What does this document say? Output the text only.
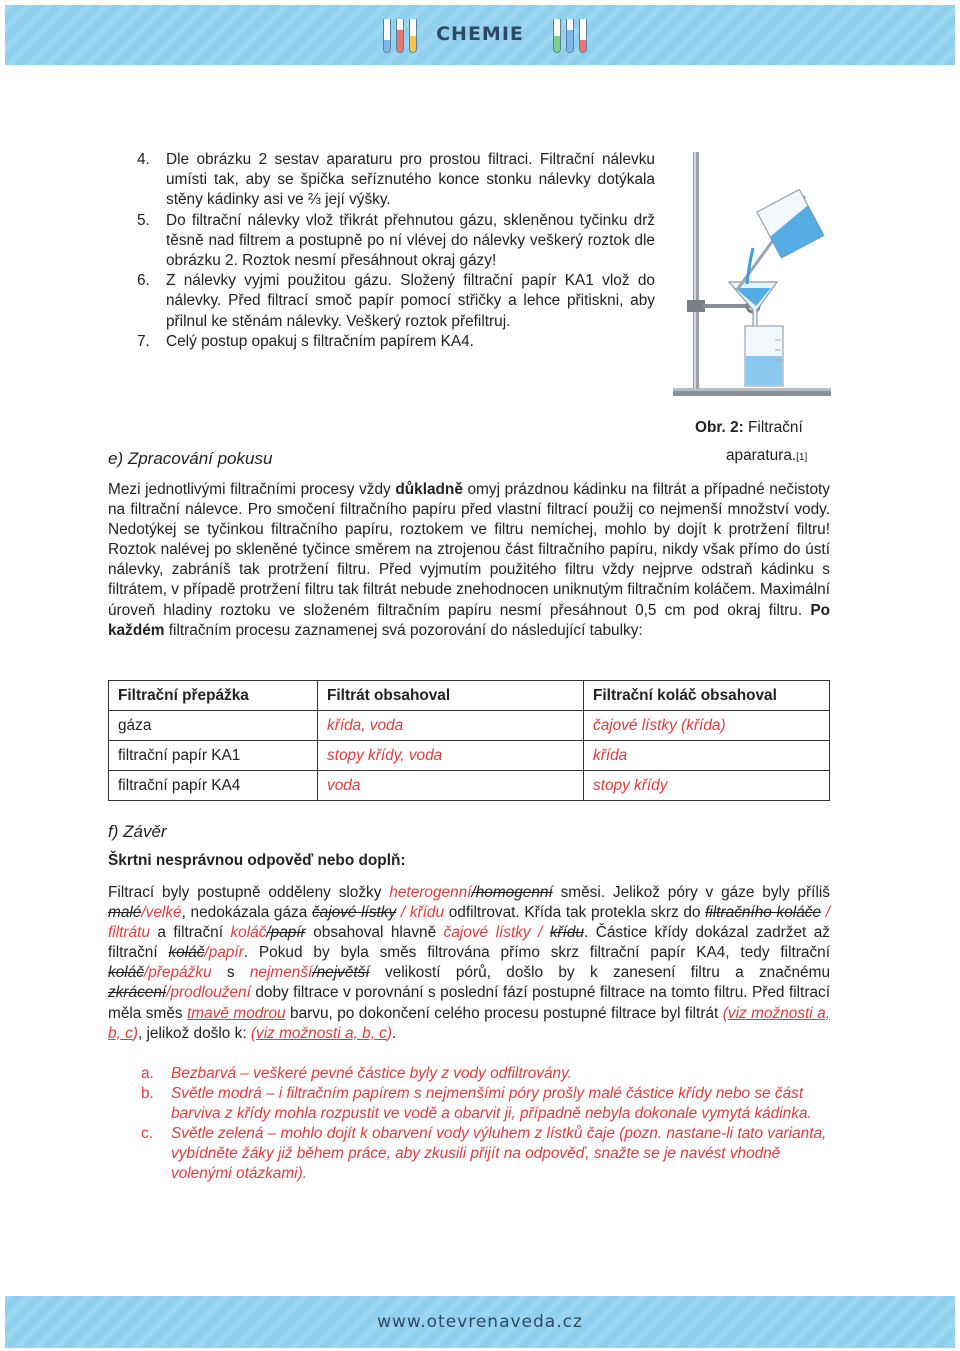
CHEMIE
4. Dle obrázku 2 sestav aparaturu pro prostou filtraci. Filtrační nálevku umísti tak, aby se špička seříznutého konce stonku nálevky dotýkala stěny kádinky asi ve ⅔ její výšky.
5. Do filtrační nálevky vlož třikrát přehnutou gázu, skleněnou tyčinku drž těsně nad filtrem a postupně po ní vlévej do nálevky veškerý roztok dle obrázku 2. Roztok nesmí přesáhnout okraj gázy!
6. Z nálevky vyjmi použitou gázu. Složený filtrační papír KA1 vlož do nálevky. Před filtrací smoč papír pomocí střičky a lehce přitiskni, aby přilnul ke stěnám nálevky. Veškerý roztok přefiltruj.
7. Celý postup opakuj s filtračním papírem KA4.
Obr. 2: Filtrační
aparatura.[1]
e) Zpracování pokusu

Mezi jednotlivými filtračními procesy vždy důkladně omyj prázdnou kádinku na filtrát a případné nečistoty na filtrační nálevce. Pro smočení filtračního papíru před vlastní filtrací použij co nejmenší množství vody. Nedotýkej se tyčinkou filtračního papíru, roztokem ve filtru nemíchej, mohlo by dojít k protržení filtru! Roztok nalévej po skleněné tyčince směrem na ztrojenou část filtračního papíru, nikdy však přímo do ústí nálevky, zabráníš tak protržení filtru. Před vyjmutím použitého filtru vždy nejprve odstraň kádinku s filtrátem, v případě protržení filtru tak filtrát nebude znehodnocen uniknutým filtračním koláčem. Maximální úroveň hladiny roztoku ve složeném filtračním papíru nesmí přesáhnout 0,5 cm pod okraj filtru. Po každém filtračním procesu zaznamenej svá pozorování do následující tabulky:

Filtrační přepážka	Filtrát obsahoval	Filtrační koláč obsahoval
gáza	křída, voda	čajové lístky (křída)
filtrační papír KA1	stopy křídy, voda	křída
filtrační papír KA4	voda	stopy křídy
f) Závěr
Škrtni nesprávnou odpověď nebo doplň:

Filtrací byly postupně odděleny složky heterogenní/homogenní směsi. Jelikož póry v gáze byly příliš malé/velké, nedokázala gáza čajové lístky / křídu odfiltrovat. Křída tak protekla skrz do filtračního koláče / filtrátu a filtrační koláč/papír obsahoval hlavně čajové lístky / křídu. Částice křídy dokázal zadržet až filtrační koláč/papír. Pokud by byla směs filtrována přímo skrz filtrační papír KA4, tedy filtrační koláč/přepážku s nejmenší/největší velikostí pórů, došlo by k zanesení filtru a značnému zkrácení/prodloužení doby filtrace v porovnání s poslední fází postupné filtrace na tomto filtru. Před filtrací měla směs tmavě modrou barvu, po dokončení celého procesu postupné filtrace byl filtrát (viz možnosti a, b, c), jelikož došlo k: (viz možnosti a, b, c).

a. Bezbarvá – veškeré pevné částice byly z vody odfiltrovány.
b. Světle modrá – i filtračním papírem s nejmenšími póry prošly malé částice křídy nebo se část barviva z křídy mohla rozpustit ve vodě a obarvit ji, případně nebyla dokonale vymytá kádinka.
c. Světle zelená – mohlo dojít k obarvení vody výluhem z lístků čaje (pozn. nastane-li tato varianta, vybídněte žáky již během práce, aby zkusili přijít na odpověď, snažte se je navést vhodně volenými otázkami).
www.otevrenaveda.cz
